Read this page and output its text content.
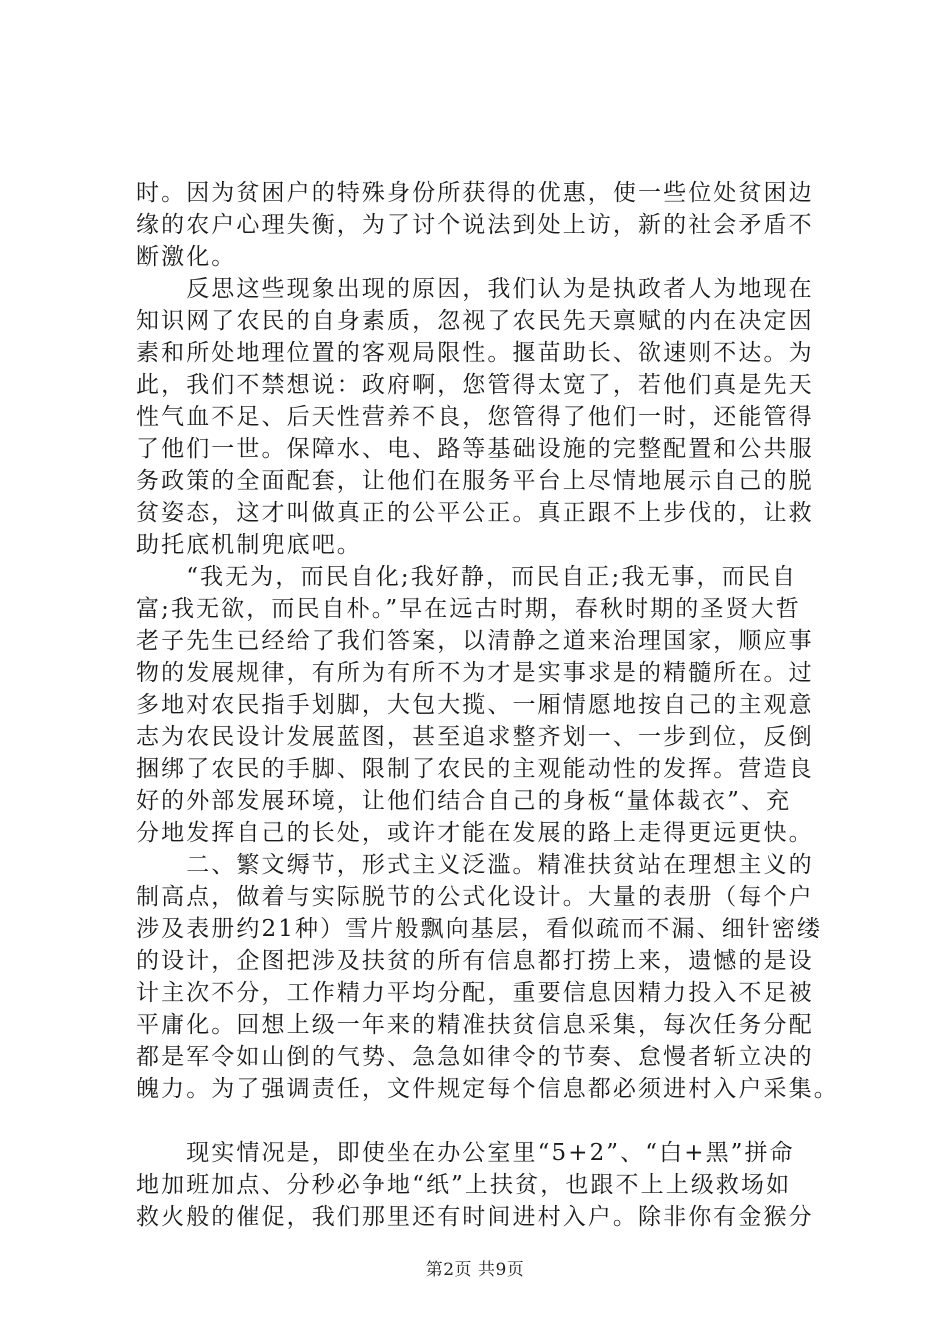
时。因为贫困户的特殊身份所获得的优惠，使一些位处贫困边
缘的农户心理失衡，为了讨个说法到处上访，新的社会矛盾不
断激化。
　　反思这些现象出现的原因，我们认为是执政者人为地现在
知识网了农民的自身素质，忽视了农民先天禀赋的内在决定因
素和所处地理位置的客观局限性。揠苗助长、欲速则不达。为
此，我们不禁想说：政府啊，您管得太宽了，若他们真是先天
性气血不足、后天性营养不良，您管得了他们一时，还能管得
了他们一世。保障水、电、路等基础设施的完整配置和公共服
务政策的全面配套，让他们在服务平台上尽情地展示自己的脱
贫姿态，这才叫做真正的公平公正。真正跟不上步伐的，让救
助托底机制兜底吧。
　　“我无为，而民自化;我好静，而民自正;我无事，而民自
富;我无欲，而民自朴。”早在远古时期，春秋时期的圣贤大哲
老子先生已经给了我们答案，以清静之道来治理国家，顺应事
物的发展规律，有所为有所不为才是实事求是的精髓所在。过
多地对农民指手划脚，大包大揽、一厢情愿地按自己的主观意
志为农民设计发展蓝图，甚至追求整齐划一、一步到位，反倒
捆绑了农民的手脚、限制了农民的主观能动性的发挥。营造良
好的外部发展环境，让他们结合自己的身板“量体裁衣”、充
分地发挥自己的长处，或许才能在发展的路上走得更远更快。
　　二、繁文缛节，形式主义泛滥。精准扶贫站在理想主义的
制高点，做着与实际脱节的公式化设计。大量的表册（每个户
涉及表册约21种）雪片般飘向基层，看似疏而不漏、细针密缕
的设计，企图把涉及扶贫的所有信息都打捞上来，遗憾的是设
计主次不分，工作精力平均分配，重要信息因精力投入不足被
平庸化。回想上级一年来的精准扶贫信息采集，每次任务分配
都是军令如山倒的气势、急急如律令的节奏、怠慢者斩立决的
魄力。为了强调责任，文件规定每个信息都必须进村入户采集。
　　现实情况是，即使坐在办公室里“5+2”、“白+黑”拼命
地加班加点、分秒必争地“纸”上扶贫，也跟不上上级救场如
救火般的催促，我们那里还有时间进村入户。除非你有金猴分
第2页 共9页
